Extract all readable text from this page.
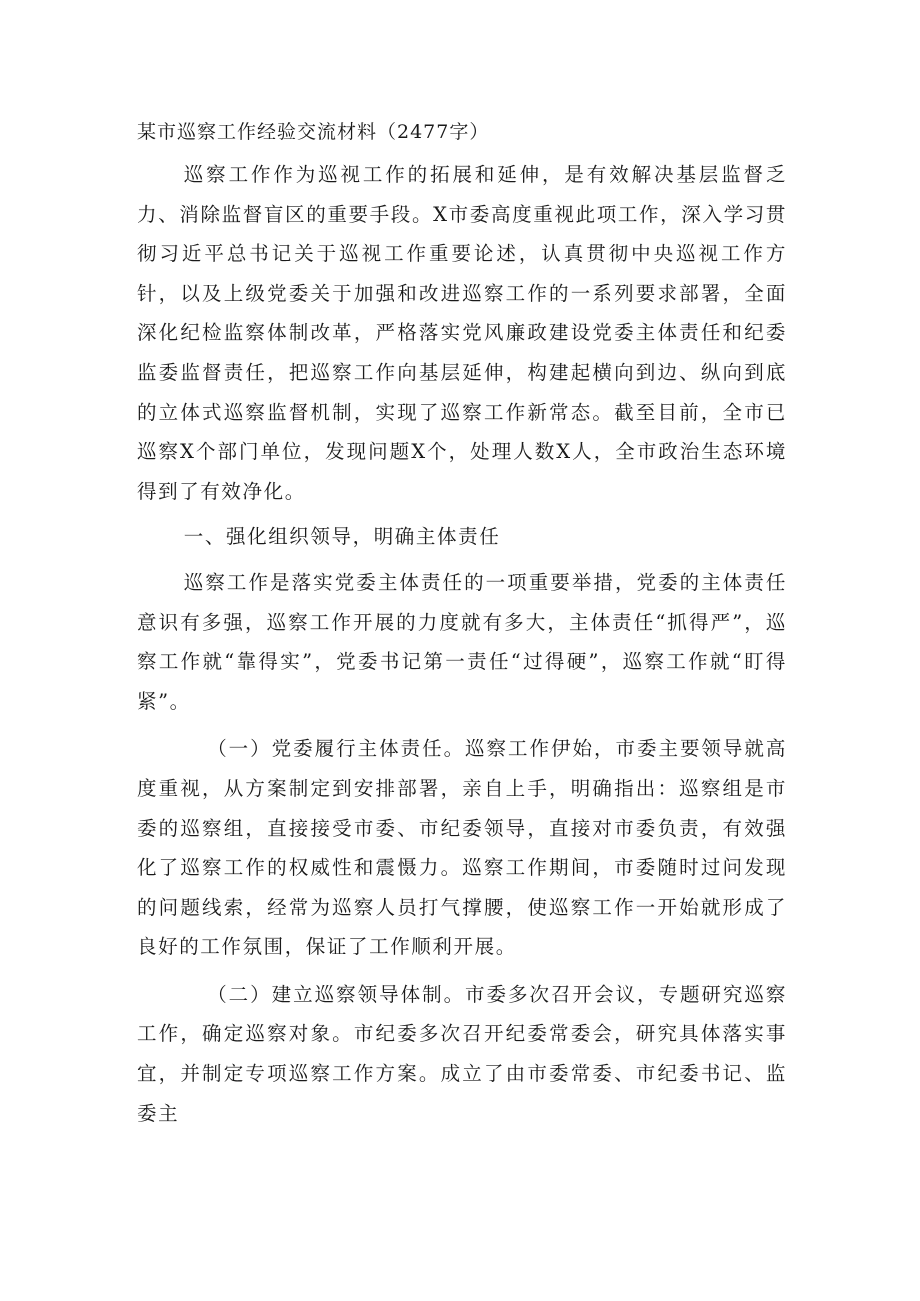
某市巡察工作经验交流材料（2477字）

巡察工作作为巡视工作的拓展和延伸，是有效解决基层监督乏力、消除监督盲区的重要手段。X市委高度重视此项工作，深入学习贯彻习近平总书记关于巡视工作重要论述，认真贯彻中央巡视工作方针，以及上级党委关于加强和改进巡察工作的一系列要求部署，全面深化纪检监察体制改革，严格落实党风廉政建设党委主体责任和纪委监委监督责任，把巡察工作向基层延伸，构建起横向到边、纵向到底的立体式巡察监督机制，实现了巡察工作新常态。截至目前，全市已巡察X个部门单位，发现问题X个，处理人数X人，全市政治生态环境得到了有效净化。

一、强化组织领导，明确主体责任

巡察工作是落实党委主体责任的一项重要举措，党委的主体责任意识有多强，巡察工作开展的力度就有多大，主体责任“抓得严”，巡察工作就“靠得实”，党委书记第一责任“过得硬”，巡察工作就“盯得紧”。

（一）党委履行主体责任。巡察工作伊始，市委主要领导就高度重视，从方案制定到安排部署，亲自上手，明确指出：巡察组是市委的巡察组，直接接受市委、市纪委领导，直接对市委负责，有效强化了巡察工作的权威性和震慑力。巡察工作期间，市委随时过问发现的问题线索，经常为巡察人员打气撑腰，使巡察工作一开始就形成了良好的工作氛围，保证了工作顺利开展。

（二）建立巡察领导体制。市委多次召开会议，专题研究巡察工作，确定巡察对象。市纪委多次召开纪委常委会，研究具体落实事宜，并制定专项巡察工作方案。成立了由市委常委、市纪委书记、监委主
